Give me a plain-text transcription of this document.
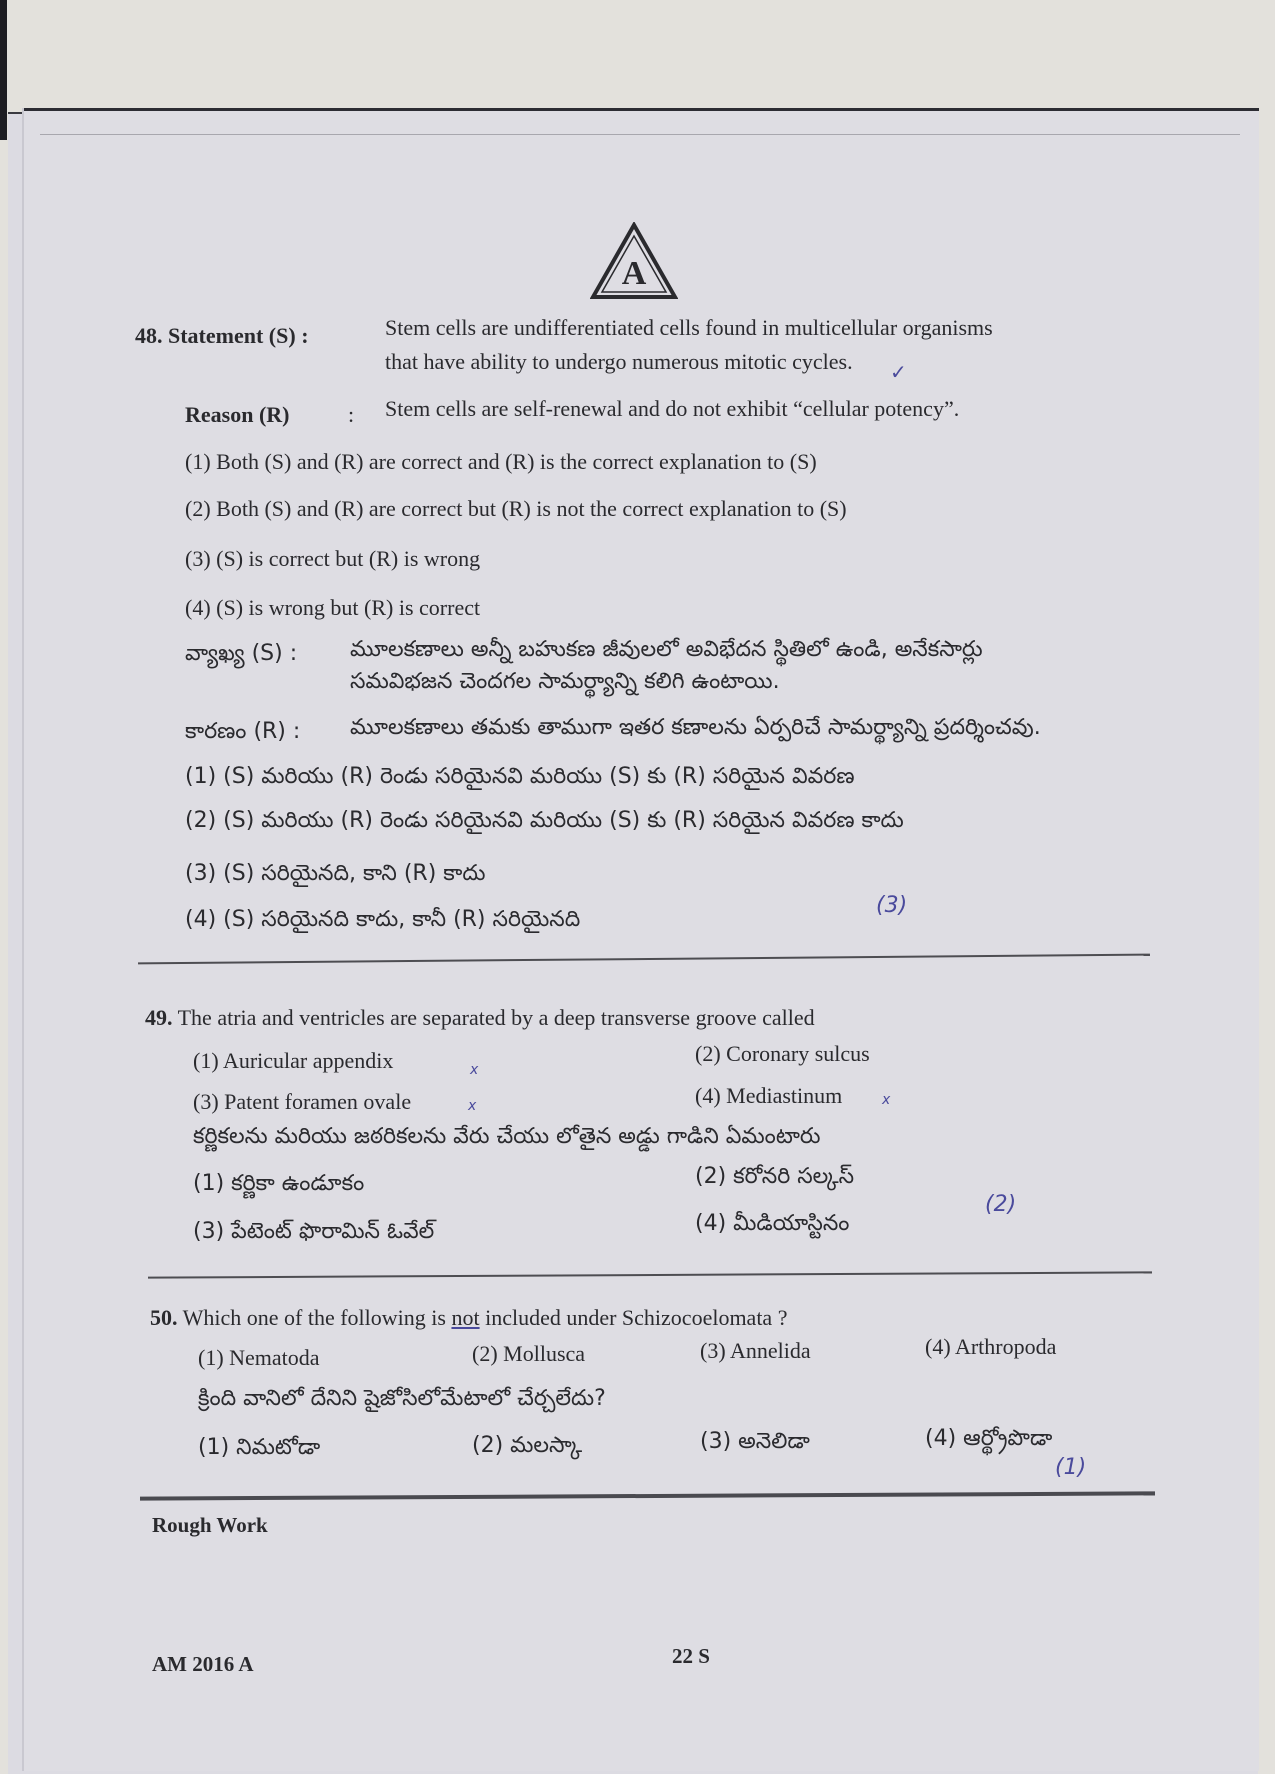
A
48. Statement (S) :	Stem cells are undifferentiated cells found in multicellular organisms
that have ability to undergo numerous mitotic cycles.
Reason (R)	: Stem cells are self-renewal and do not exhibit “cellular potency”.
(1) Both (S) and (R) are correct and (R) is the correct explanation to (S)
(2) Both (S) and (R) are correct but (R) is not the correct explanation to (S)
(3) (S) is correct but (R) is wrong
(4) (S) is wrong but (R) is correct
వ్యాఖ్య (S) : మూలకణాలు అన్నీ బహుకణ జీవులలో అవిభేదన స్థితిలో ఉండి, అనేకసార్లు
సమవిభజన చెందగల సామర్థ్యాన్ని కలిగి ఉంటాయి.
కారణం (R) : మూలకణాలు తమకు తాముగా ఇతర కణాలను ఏర్పరిచే సామర్థ్యాన్ని ప్రదర్శించవు.
(1) (S) మరియు (R) రెండు సరియైనవి మరియు (S) కు (R) సరియైన వివరణ
(2) (S) మరియు (R) రెండు సరియైనవి మరియు (S) కు (R) సరియైన వివరణ కాదు
(3) (S) సరియైనది, కాని (R) కాదు
(4) (S) సరియైనది కాదు, కానీ (R) సరియైనది
(3)
✓
49. The atria and ventricles are separated by a deep transverse groove called
(1) Auricular appendix	(2) Coronary sulcus
(3) Patent foramen ovale	(4) Mediastinum
x
x	x
కర్ణికలను మరియు జఠరికలను వేరు చేయు లోతైన అడ్డు గాడిని ఏమంటారు
(1) కర్ణికా ఉండూకం	(2) కరోనరి సల్కస్
(3) పేటెంట్ ఫొరామిన్ ఓవేల్	(4) మీడియాస్టినం
(2)
50. Which one of the following is not included under Schizocoelomata ?
(1) Nematoda	(2) Mollusca	(3) Annelida	(4) Arthropoda
క్రింది వానిలో దేనిని షైజోసిలోమేటాలో చేర్చలేదు?
(1) నిమటోడా	(2) మలస్కా	(3) అనెలిడా	(4) ఆర్థ్రోపొడా
(1)
Rough Work
AM 2016 A	22 S
